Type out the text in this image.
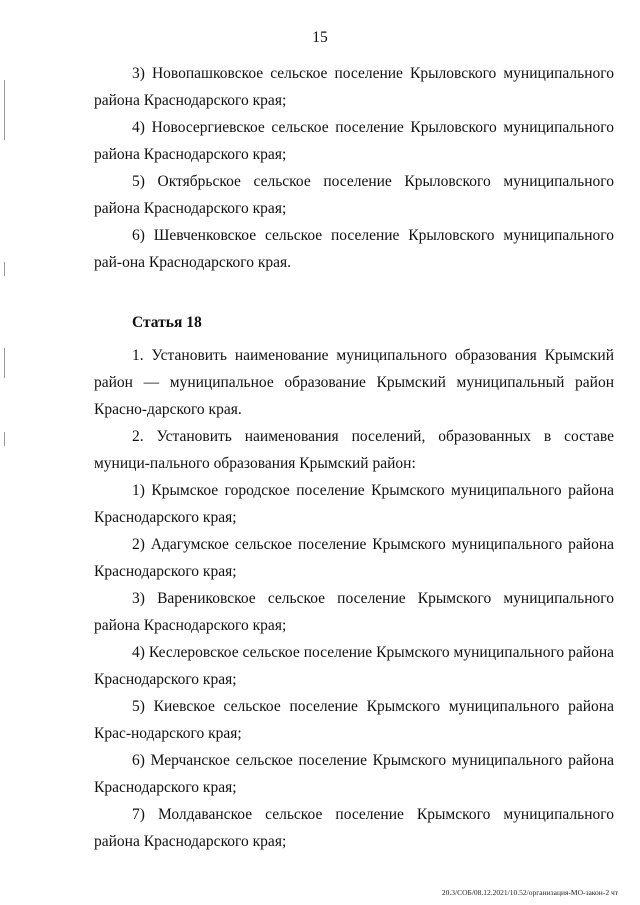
15

3) Новопашковское сельское поселение Крыловского муниципального района Краснодарского края;

4) Новосергиевское сельское поселение Крыловского муниципального района Краснодарского края;

5) Октябрьское сельское поселение Крыловского муниципального района Краснодарского края;

6) Шевченковское сельское поселение Крыловского муниципального рай-она Краснодарского края.

Статья 18

1. Установить наименование муниципального образования Крымский район — муниципальное образование Крымский муниципальный район Красно-дарского края.

2. Установить наименования поселений, образованных в составе муници-пального образования Крымский район:

1) Крымское городское поселение Крымского муниципального района Краснодарского края;

2) Адагумское сельское поселение Крымского муниципального района Краснодарского края;

3) Варениковское сельское поселение Крымского муниципального района Краснодарского края;

4) Кеслеровское сельское поселение Крымского муниципального района Краснодарского края;

5) Киевское сельское поселение Крымского муниципального района Крас-нодарского края;

6) Мерчанское сельское поселение Крымского муниципального района Краснодарского края;

7) Молдаванское сельское поселение Крымского муниципального района Краснодарского края;

20.3/СОБ/08.12.2021/10.52/организация-МО-закон-2 чт
